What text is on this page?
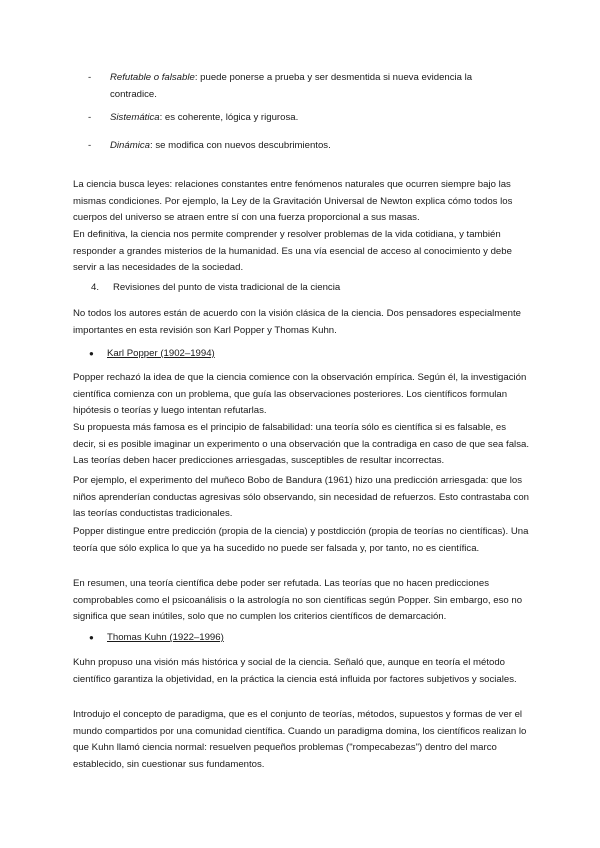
- Refutable o falsable: puede ponerse a prueba y ser desmentida si nueva evidencia la contradice.
- Sistemática: es coherente, lógica y rigurosa.
- Dinámica: se modifica con nuevos descubrimientos.

La ciencia busca leyes: relaciones constantes entre fenómenos naturales que ocurren siempre bajo las mismas condiciones. Por ejemplo, la Ley de la Gravitación Universal de Newton explica cómo todos los cuerpos del universo se atraen entre sí con una fuerza proporcional a sus masas.

En definitiva, la ciencia nos permite comprender y resolver problemas de la vida cotidiana, y también responder a grandes misterios de la humanidad. Es una vía esencial de acceso al conocimiento y debe servir a las necesidades de la sociedad.

4. Revisiones del punto de vista tradicional de la ciencia

No todos los autores están de acuerdo con la visión clásica de la ciencia. Dos pensadores especialmente importantes en esta revisión son Karl Popper y Thomas Kuhn.

● Karl Popper (1902–1994)

Popper rechazó la idea de que la ciencia comience con la observación empírica. Según él, la investigación científica comienza con un problema, que guía las observaciones posteriores. Los científicos formulan hipótesis o teorías y luego intentan refutarlas.

Su propuesta más famosa es el principio de falsabilidad: una teoría sólo es científica si es falsable, es decir, si es posible imaginar un experimento o una observación que la contradiga en caso de que sea falsa. Las teorías deben hacer predicciones arriesgadas, susceptibles de resultar incorrectas.

Por ejemplo, el experimento del muñeco Bobo de Bandura (1961) hizo una predicción arriesgada: que los niños aprenderían conductas agresivas sólo observando, sin necesidad de refuerzos. Esto contrastaba con las teorías conductistas tradicionales.

Popper distingue entre predicción (propia de la ciencia) y postdicción (propia de teorías no científicas). Una teoría que sólo explica lo que ya ha sucedido no puede ser falsada y, por tanto, no es científica.

En resumen, una teoría científica debe poder ser refutada. Las teorías que no hacen predicciones comprobables como el psicoanálisis o la astrología no son científicas según Popper. Sin embargo, eso no significa que sean inútiles, solo que no cumplen los criterios científicos de demarcación.

● Thomas Kuhn (1922–1996)

Kuhn propuso una visión más histórica y social de la ciencia. Señaló que, aunque en teoría el método científico garantiza la objetividad, en la práctica la ciencia está influida por factores subjetivos y sociales.

Introdujo el concepto de paradigma, que es el conjunto de teorías, métodos, supuestos y formas de ver el mundo compartidos por una comunidad científica. Cuando un paradigma domina, los científicos realizan lo que Kuhn llamó ciencia normal: resuelven pequeños problemas ("rompecabezas") dentro del marco establecido, sin cuestionar sus fundamentos.
